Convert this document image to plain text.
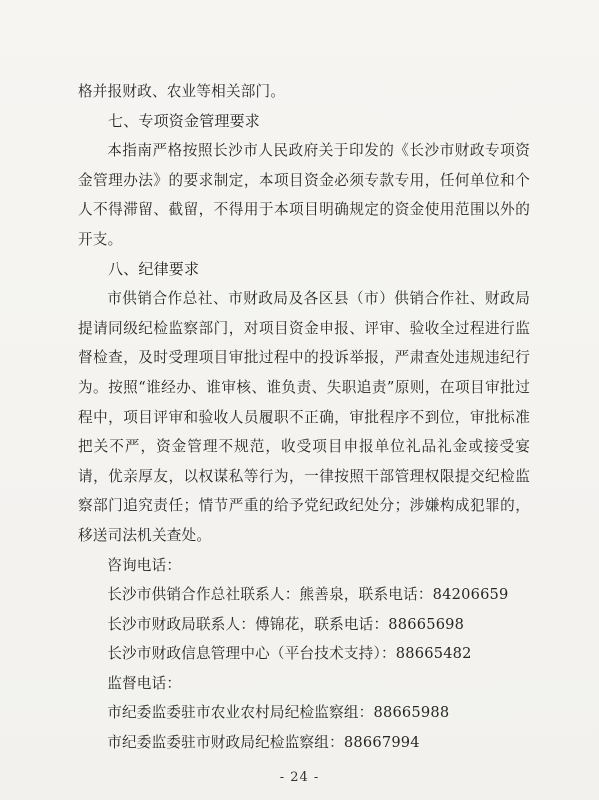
格并报财政、农业等相关部门。

七、专项资金管理要求

本指南严格按照长沙市人民政府关于印发的《长沙市财政专项资金管理办法》的要求制定，本项目资金必须专款专用，任何单位和个人不得滞留、截留，不得用于本项目明确规定的资金使用范围以外的开支。

八、纪律要求

市供销合作总社、市财政局及各区县（市）供销合作社、财政局提请同级纪检监察部门，对项目资金申报、评审、验收全过程进行监督检查，及时受理项目审批过程中的投诉举报，严肃查处违规违纪行为。按照“谁经办、谁审核、谁负责、失职追责”原则，在项目审批过程中，项目评审和验收人员履职不正确，审批程序不到位，审批标准把关不严，资金管理不规范，收受项目申报单位礼品礼金或接受宴请，优亲厚友，以权谋私等行为，一律按照干部管理权限提交纪检监察部门追究责任；情节严重的给予党纪政纪处分；涉嫌构成犯罪的，移送司法机关查处。

咨询电话：

长沙市供销合作总社联系人：熊善泉，联系电话：84206659

长沙市财政局联系人：傅锦花，联系电话：88665698

长沙市财政信息管理中心（平台技术支持）：88665482

监督电话：

市纪委监委驻市农业农村局纪检监察组：88665988

市纪委监委驻市财政局纪检监察组：88667994

- 24 -
